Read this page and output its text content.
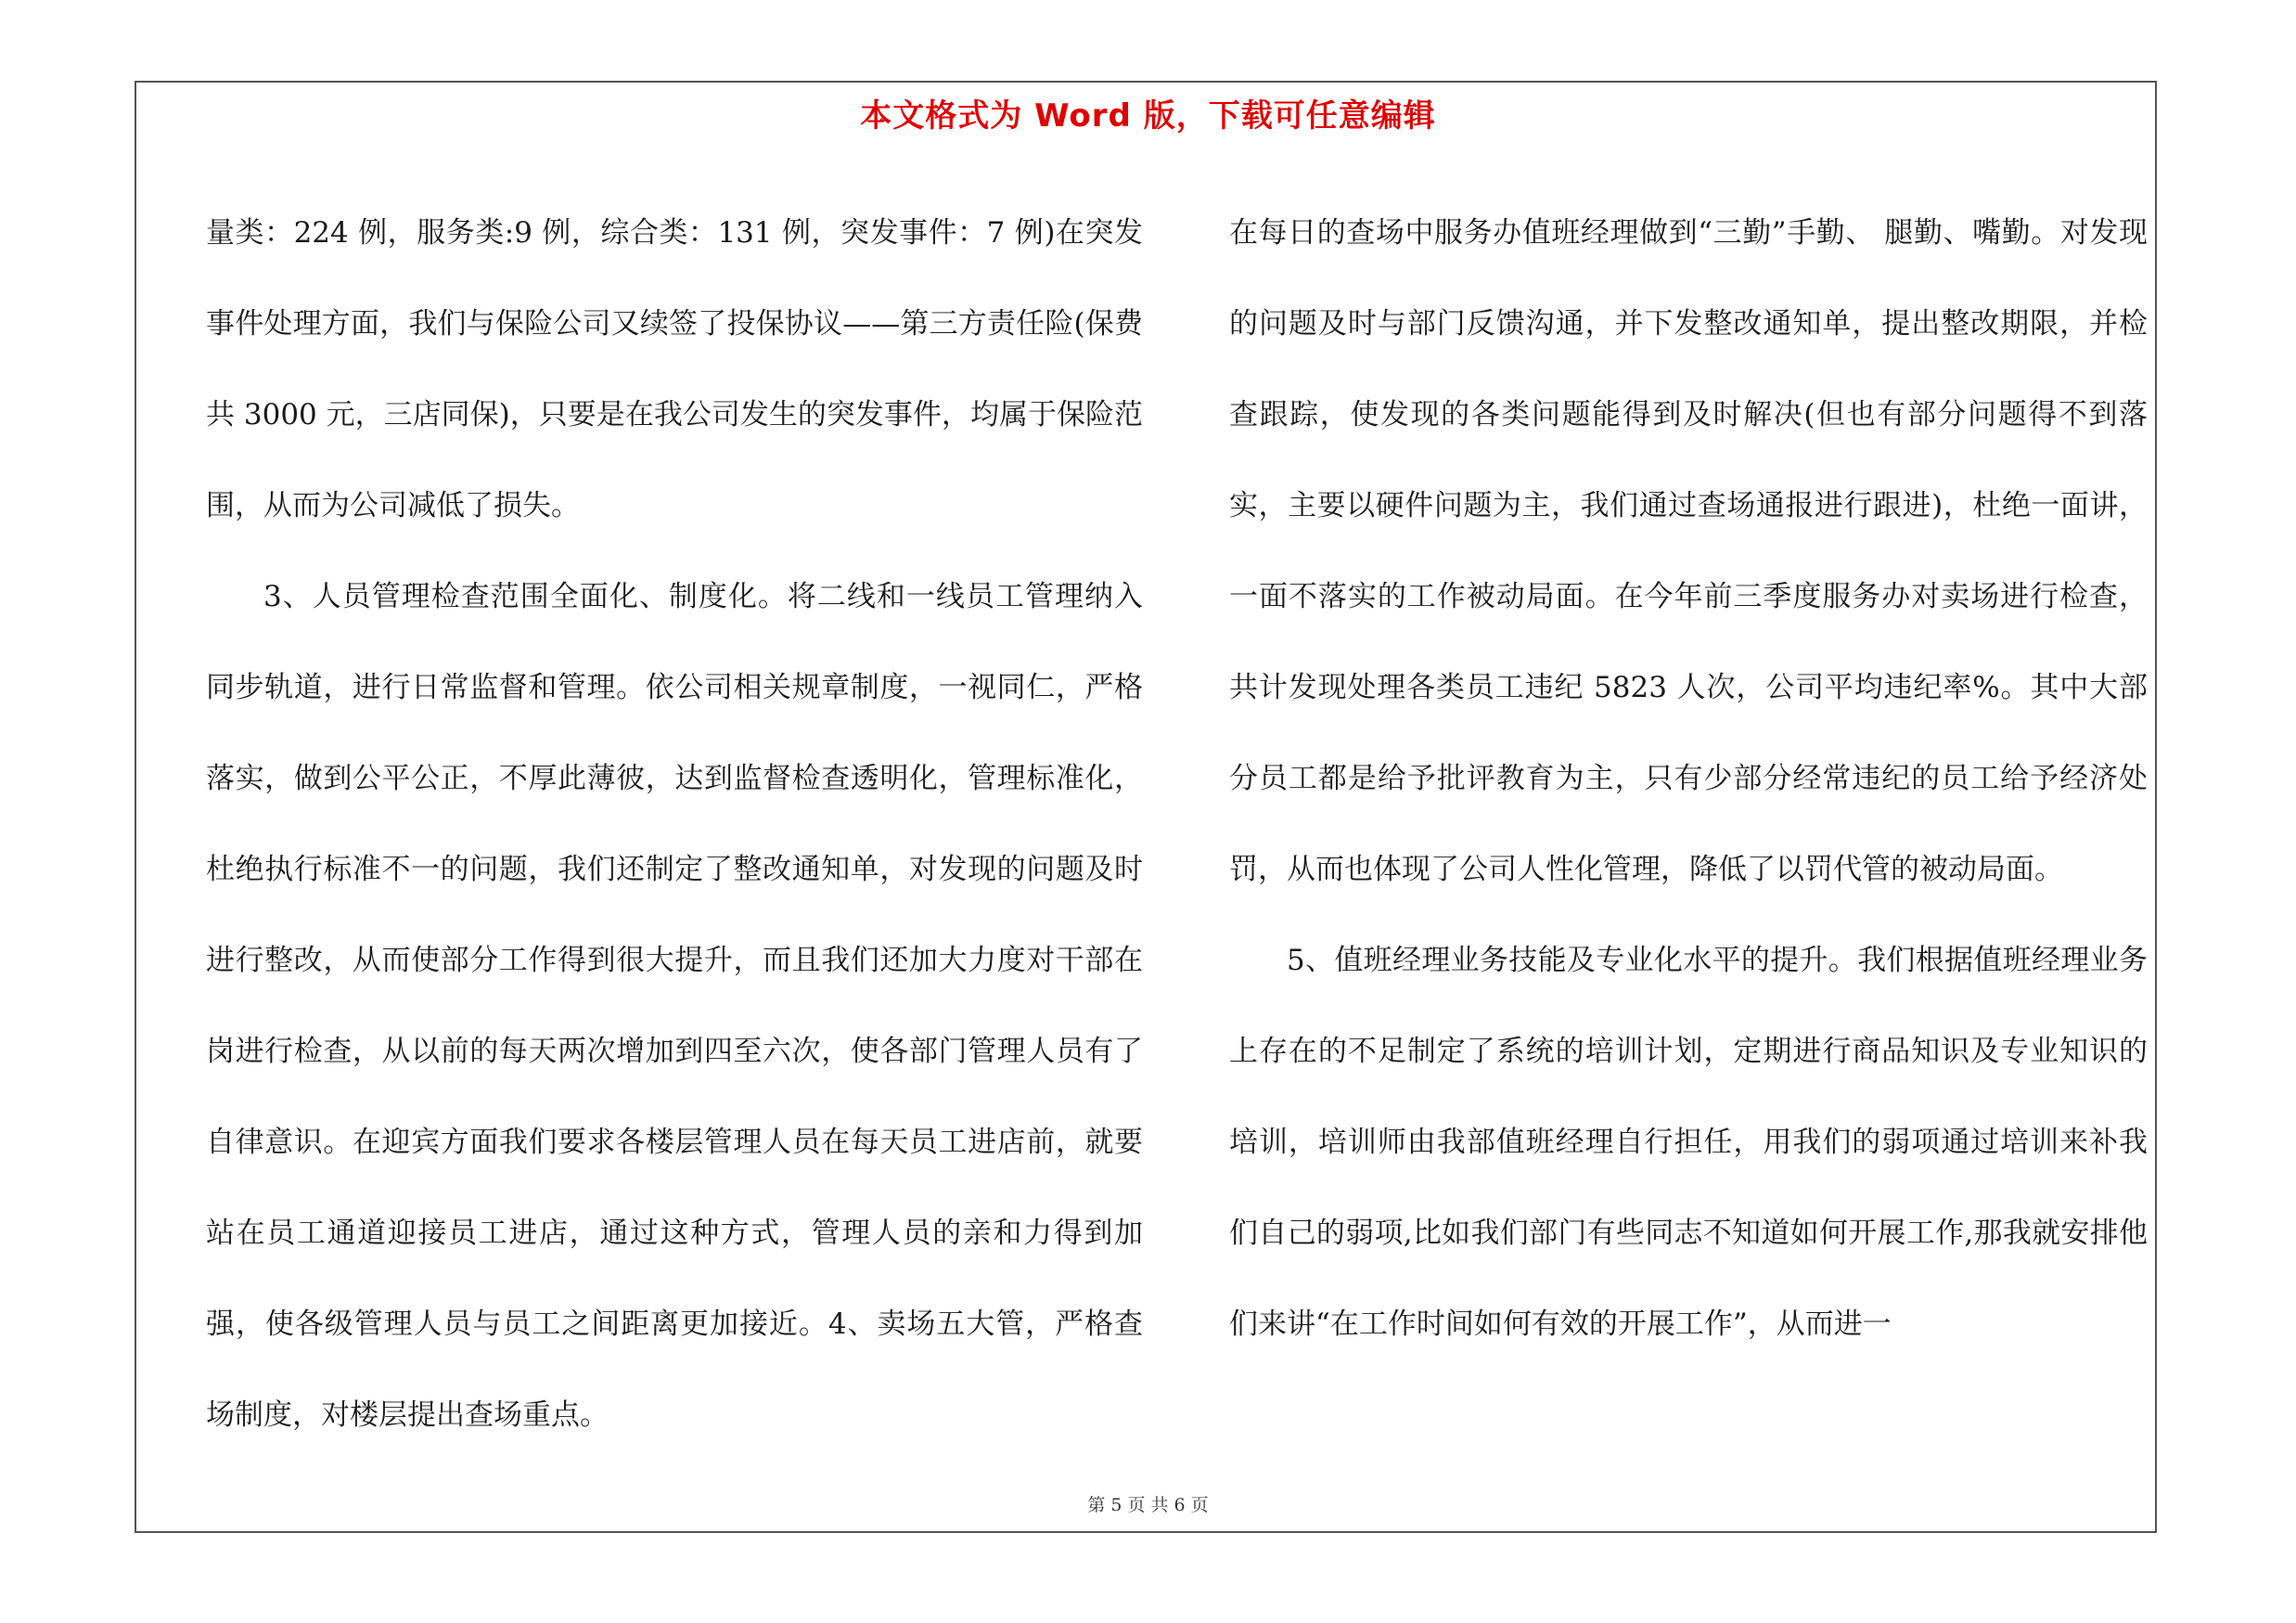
本文格式为 Word 版，下载可任意编辑

量类：224 例，服务类:9 例，综合类：131 例，突发事件：7 例)在突发事件处理方面，我们与保险公司又续签了投保协议——第三方责任险(保费共 3000 元，三店同保)，只要是在我公司发生的突发事件，均属于保险范围，从而为公司减低了损失。

3、人员管理检查范围全面化、制度化。将二线和一线员工管理纳入同步轨道，进行日常监督和管理。依公司相关规章制度，一视同仁，严格落实，做到公平公正，不厚此薄彼，达到监督检查透明化，管理标准化，杜绝执行标准不一的问题，我们还制定了整改通知单，对发现的问题及时进行整改，从而使部分工作得到很大提升，而且我们还加大力度对干部在岗进行检查，从以前的每天两次增加到四至六次，使各部门管理人员有了自律意识。在迎宾方面我们要求各楼层管理人员在每天员工进店前，就要站在员工通道迎接员工进店，通过这种方式，管理人员的亲和力得到加强，使各级管理人员与员工之间距离更加接近。4、卖场五大管，严格查场制度，对楼层提出查场重点。

在每日的查场中服务办值班经理做到“三勤”手勤、 腿勤、嘴勤。对发现的问题及时与部门反馈沟通，并下发整改通知单，提出整改期限，并检查跟踪，使发现的各类问题能得到及时解决(但也有部分问题得不到落实，主要以硬件问题为主，我们通过查场通报进行跟进)，杜绝一面讲，一面不落实的工作被动局面。在今年前三季度服务办对卖场进行检查，共计发现处理各类员工违纪 5823 人次，公司平均违纪率%。其中大部分员工都是给予批评教育为主，只有少部分经常违纪的员工给予经济处罚，从而也体现了公司人性化管理，降低了以罚代管的被动局面。

5、值班经理业务技能及专业化水平的提升。我们根据值班经理业务上存在的不足制定了系统的培训计划，定期进行商品知识及专业知识的培训，培训师由我部值班经理自行担任，用我们的弱项通过培训来补我们自己的弱项,比如我们部门有些同志不知道如何开展工作,那我就安排他们来讲“在工作时间如何有效的开展工作”，从而进一

第 5 页 共 6 页
